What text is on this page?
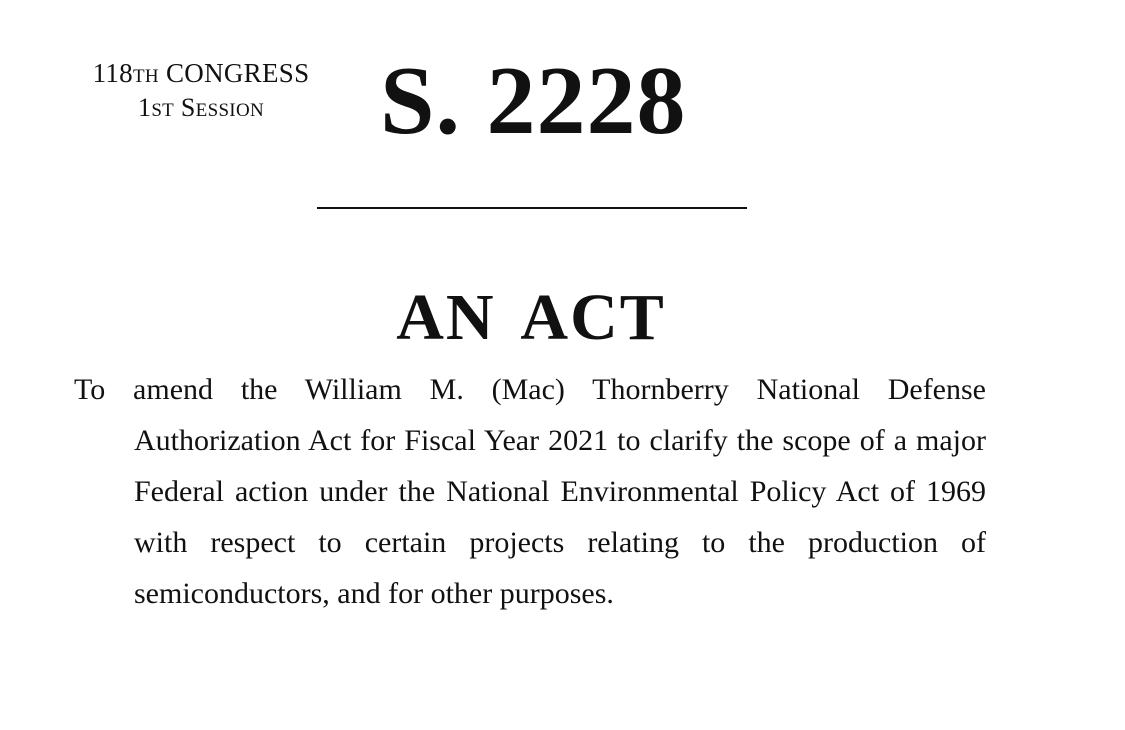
118TH CONGRESS
1ST SESSION	S. 2228
AN ACT

To amend the William M. (Mac) Thornberry National Defense Authorization Act for Fiscal Year 2021 to clarify the scope of a major Federal action under the National Environmental Policy Act of 1969 with respect to certain projects relating to the production of semiconductors, and for other purposes.
